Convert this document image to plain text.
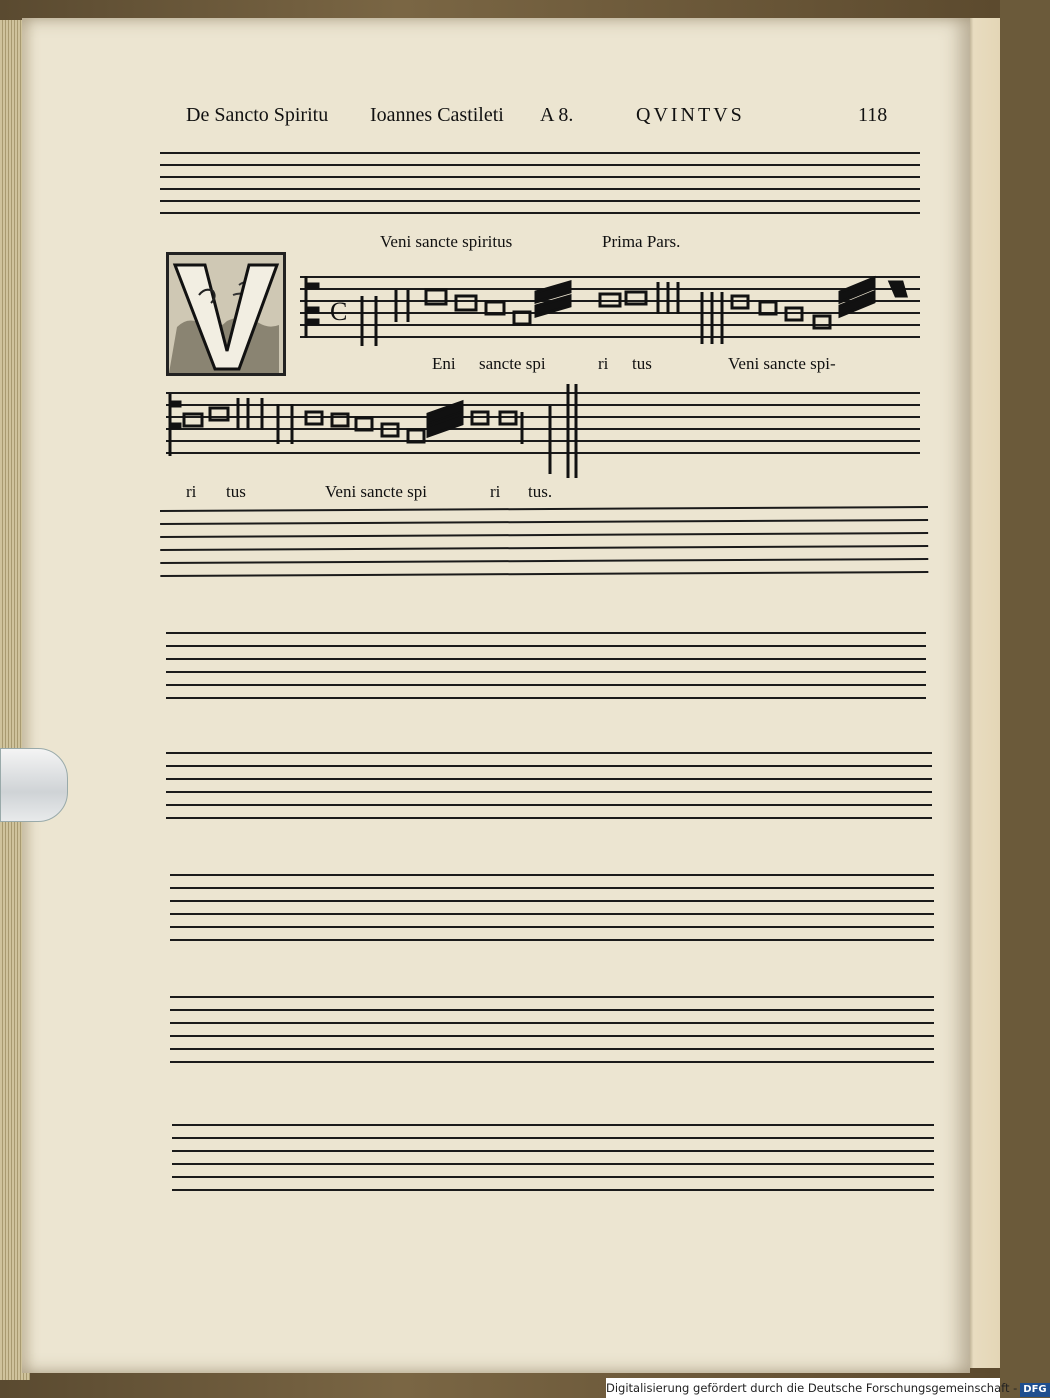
De Sancto Spiritu Ioannes Castileti A 8.	QVINTVS	118
Veni sancte spiritus	Prima Pars.
C
Eni sancte spi	ri tus	Veni sancte spi-
ri tus	Veni sancte spi	ri tus.
Digitalisierung gefördert durch die Deutsche Forschungsgemeinschaft - DFG
